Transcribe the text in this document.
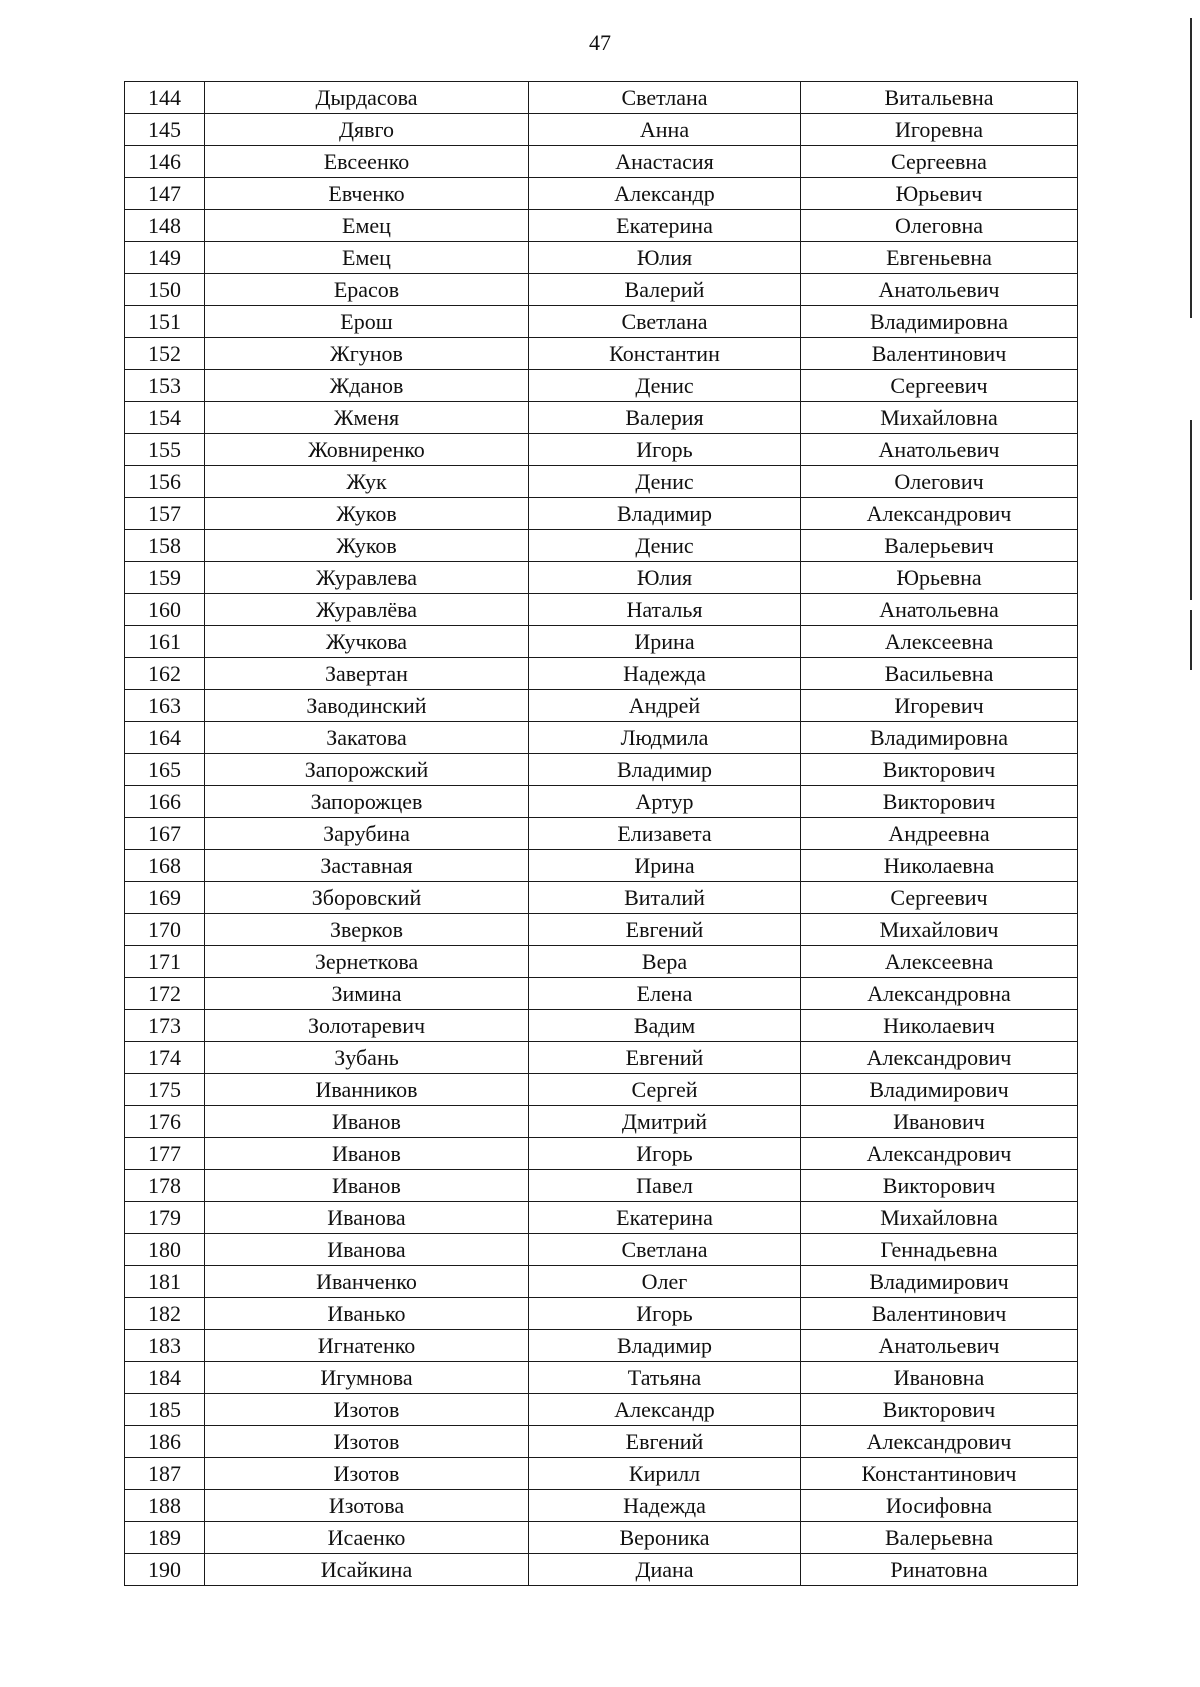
47
144	Дырдасова	Светлана	Витальевна
145	Дявго	Анна	Игоревна
146	Евсеенко	Анастасия	Сергеевна
147	Евченко	Александр	Юрьевич
148	Емец	Екатерина	Олеговна
149	Емец	Юлия	Евгеньевна
150	Ерасов	Валерий	Анатольевич
151	Ерош	Светлана	Владимировна
152	Жгунов	Константин	Валентинович
153	Жданов	Денис	Сергеевич
154	Жменя	Валерия	Михайловна
155	Жовниренко	Игорь	Анатольевич
156	Жук	Денис	Олегович
157	Жуков	Владимир	Александрович
158	Жуков	Денис	Валерьевич
159	Журавлева	Юлия	Юрьевна
160	Журавлёва	Наталья	Анатольевна
161	Жучкова	Ирина	Алексеевна
162	Завертан	Надежда	Васильевна
163	Заводинский	Андрей	Игоревич
164	Закатова	Людмила	Владимировна
165	Запорожский	Владимир	Викторович
166	Запорожцев	Артур	Викторович
167	Зарубина	Елизавета	Андреевна
168	Заставная	Ирина	Николаевна
169	Зборовский	Виталий	Сергеевич
170	Зверков	Евгений	Михайлович
171	Зернеткова	Вера	Алексеевна
172	Зимина	Елена	Александровна
173	Золотаревич	Вадим	Николаевич
174	Зубань	Евгений	Александрович
175	Иванников	Сергей	Владимирович
176	Иванов	Дмитрий	Иванович
177	Иванов	Игорь	Александрович
178	Иванов	Павел	Викторович
179	Иванова	Екатерина	Михайловна
180	Иванова	Светлана	Геннадьевна
181	Иванченко	Олег	Владимирович
182	Иванько	Игорь	Валентинович
183	Игнатенко	Владимир	Анатольевич
184	Игумнова	Татьяна	Ивановна
185	Изотов	Александр	Викторович
186	Изотов	Евгений	Александрович
187	Изотов	Кирилл	Константинович
188	Изотова	Надежда	Иосифовна
189	Исаенко	Вероника	Валерьевна
190	Исайкина	Диана	Ринатовна
